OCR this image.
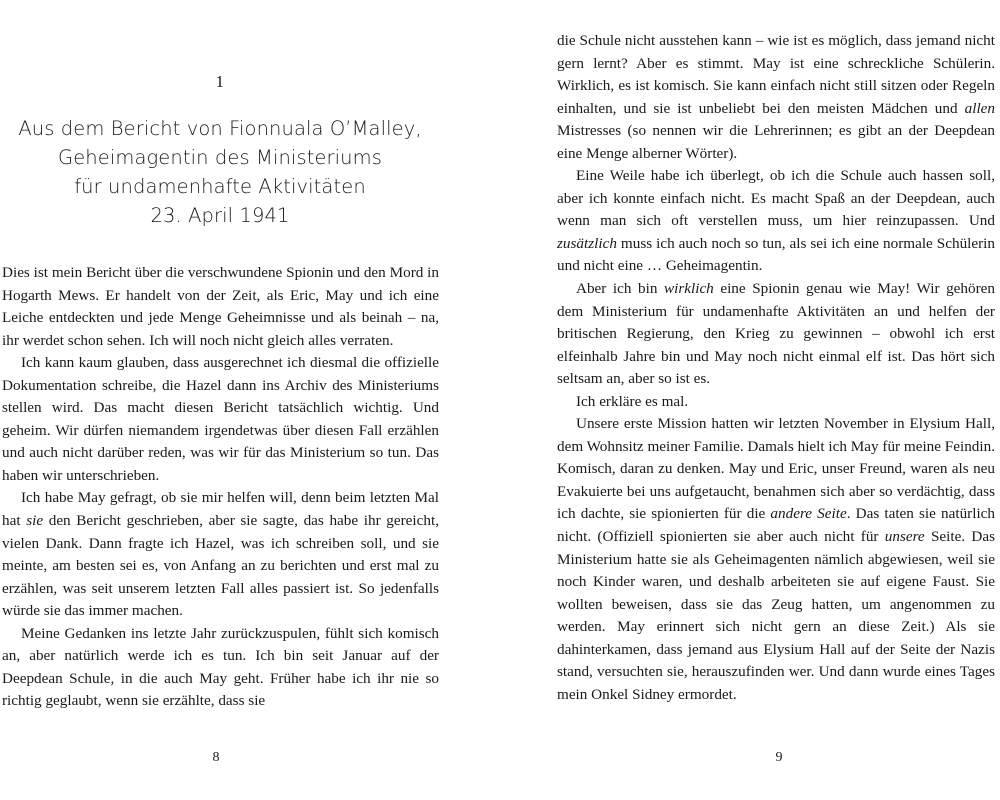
1
Aus dem Bericht von Fionnuala O’Malley,
Geheimagentin des Ministeriums
für undamenhafte Aktivitäten
23. April 1941

Dies ist mein Bericht über die verschwundene Spionin und den Mord in Hogarth Mews. Er handelt von der Zeit, als Eric, May und ich eine Leiche entdeckten und jede Menge Geheimnisse und als beinah – na, ihr werdet schon sehen. Ich will noch nicht gleich alles verraten.

Ich kann kaum glauben, dass ausgerechnet ich diesmal die offizielle Dokumentation schreibe, die Hazel dann ins Archiv des Ministeriums stellen wird. Das macht diesen Bericht tatsächlich wichtig. Und geheim. Wir dürfen niemandem irgendetwas über diesen Fall erzählen und auch nicht darüber reden, was wir für das Ministerium so tun. Das haben wir unterschrieben.

Ich habe May gefragt, ob sie mir helfen will, denn beim letzten Mal hat sie den Bericht geschrieben, aber sie sagte, das habe ihr gereicht, vielen Dank. Dann fragte ich Hazel, was ich schreiben soll, und sie meinte, am besten sei es, von Anfang an zu berichten und erst mal zu erzählen, was seit unserem letzten Fall alles passiert ist. So jedenfalls würde sie das immer machen.

Meine Gedanken ins letzte Jahr zurückzuspulen, fühlt sich komisch an, aber natürlich werde ich es tun. Ich bin seit Januar auf der Deepdean Schule, in die auch May geht. Früher habe ich ihr nie so richtig geglaubt, wenn sie erzählte, dass sie

8

die Schule nicht ausstehen kann – wie ist es möglich, dass jemand nicht gern lernt? Aber es stimmt. May ist eine schreckliche Schülerin. Wirklich, es ist komisch. Sie kann einfach nicht still sitzen oder Regeln einhalten, und sie ist unbeliebt bei den meisten Mädchen und allen Mistresses (so nennen wir die Lehrerinnen; es gibt an der Deepdean eine Menge alberner Wörter).

Eine Weile habe ich überlegt, ob ich die Schule auch hassen soll, aber ich konnte einfach nicht. Es macht Spaß an der Deepdean, auch wenn man sich oft verstellen muss, um hier reinzupassen. Und zusätzlich muss ich auch noch so tun, als sei ich eine normale Schülerin und nicht eine … Geheimagentin.

Aber ich bin wirklich eine Spionin genau wie May! Wir gehören dem Ministerium für undamenhafte Aktivitäten an und helfen der britischen Regierung, den Krieg zu gewinnen – obwohl ich erst elfeinhalb Jahre bin und May noch nicht einmal elf ist. Das hört sich seltsam an, aber so ist es.

Ich erkläre es mal.

Unsere erste Mission hatten wir letzten November in Elysium Hall, dem Wohnsitz meiner Familie. Damals hielt ich May für meine Feindin. Komisch, daran zu denken. May und Eric, unser Freund, waren als neu Evakuierte bei uns aufgetaucht, benahmen sich aber so verdächtig, dass ich dachte, sie spionierten für die andere Seite. Das taten sie natürlich nicht. (Offiziell spionierten sie aber auch nicht für unsere Seite. Das Ministerium hatte sie als Geheimagenten nämlich abgewiesen, weil sie noch Kinder waren, und deshalb arbeiteten sie auf eigene Faust. Sie wollten beweisen, dass sie das Zeug hatten, um angenommen zu werden. May erinnert sich nicht gern an diese Zeit.) Als sie dahinterkamen, dass jemand aus Elysium Hall auf der Seite der Nazis stand, versuchten sie, herauszufinden wer. Und dann wurde eines Tages mein Onkel Sidney ermordet.

9
